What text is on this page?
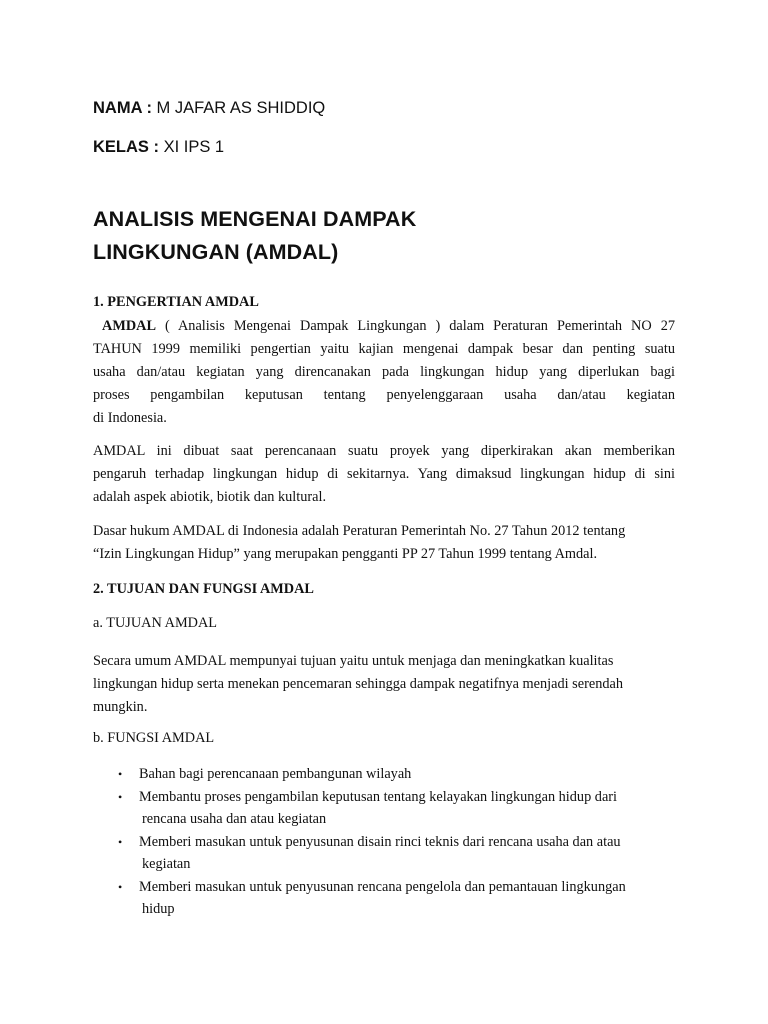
NAMA : M JAFAR AS SHIDDIQ
KELAS : XI IPS 1
ANALISIS MENGENAI DAMPAK
LINGKUNGAN (AMDAL)
1. PENGERTIAN AMDAL
AMDAL ( Analisis Mengenai Dampak Lingkungan ) dalam Peraturan Pemerintah NO 27
TAHUN 1999 memiliki pengertian yaitu kajian mengenai dampak besar dan penting suatu
usaha dan/atau kegiatan yang direncanakan pada lingkungan hidup yang diperlukan bagi
proses pengambilan keputusan tentang penyelenggaraan usaha dan/atau kegiatan
di Indonesia.
AMDAL ini dibuat saat perencanaan suatu proyek yang diperkirakan akan memberikan
pengaruh terhadap lingkungan hidup di sekitarnya. Yang dimaksud lingkungan hidup di sini
adalah aspek abiotik, biotik dan kultural.
Dasar hukum AMDAL di Indonesia adalah Peraturan Pemerintah No. 27 Tahun 2012 tentang
“Izin Lingkungan Hidup” yang merupakan pengganti PP 27 Tahun 1999 tentang Amdal.
2. TUJUAN DAN FUNGSI AMDAL
a. TUJUAN AMDAL
Secara umum AMDAL mempunyai tujuan yaitu untuk menjaga dan meningkatkan kualitas
lingkungan hidup serta menekan pencemaran sehingga dampak negatifnya menjadi serendah
mungkin.
b. FUNGSI AMDAL
• Bahan bagi perencanaan pembangunan wilayah
• Membantu proses pengambilan keputusan tentang kelayakan lingkungan hidup dari
rencana usaha dan atau kegiatan
• Memberi masukan untuk penyusunan disain rinci teknis dari rencana usaha dan atau
kegiatan
• Memberi masukan untuk penyusunan rencana pengelola dan pemantauan lingkungan
hidup
